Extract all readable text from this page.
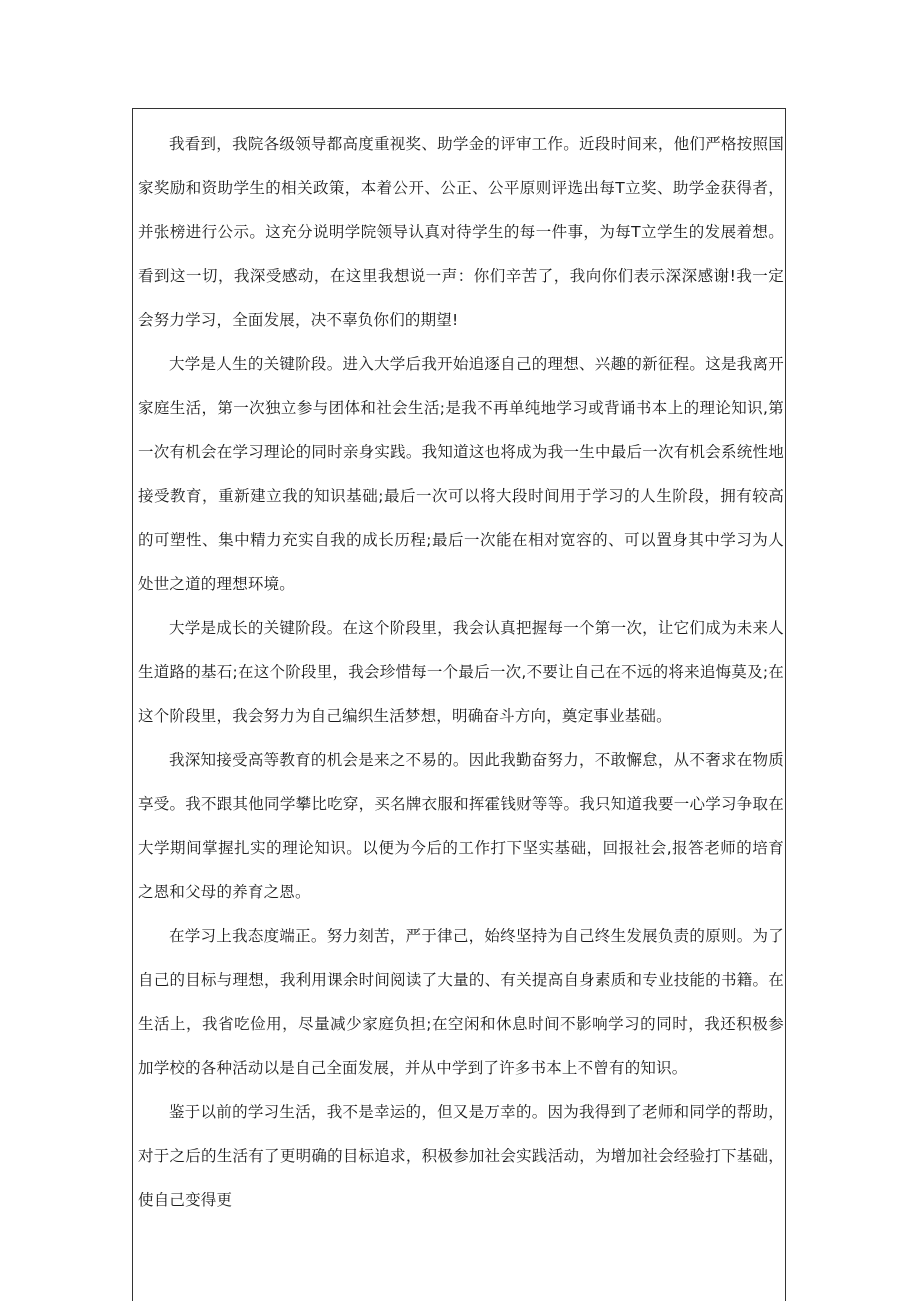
我看到，我院各级领导都高度重视奖、助学金的评审工作。近段时间来，他们严格按照国家奖励和资助学生的相关政策，本着公开、公正、公平原则评选出每T立奖、助学金获得者，并张榜进行公示。这充分说明学院领导认真对待学生的每一件事，为每T立学生的发展着想。看到这一切，我深受感动，在这里我想说一声：你们辛苦了，我向你们表示深深感谢!我一定会努力学习，全面发展，决不辜负你们的期望!

大学是人生的关键阶段。进入大学后我开始追逐自己的理想、兴趣的新征程。这是我离开家庭生活，第一次独立参与团体和社会生活;是我不再单纯地学习或背诵书本上的理论知识,第一次有机会在学习理论的同时亲身实践。我知道这也将成为我一生中最后一次有机会系统性地接受教育，重新建立我的知识基础;最后一次可以将大段时间用于学习的人生阶段，拥有较高的可塑性、集中精力充实自我的成长历程;最后一次能在相对宽容的、可以置身其中学习为人处世之道的理想环境。

大学是成长的关键阶段。在这个阶段里，我会认真把握每一个第一次，让它们成为未来人生道路的基石;在这个阶段里，我会珍惜每一个最后一次,不要让自己在不远的将来追悔莫及;在这个阶段里，我会努力为自己编织生活梦想，明确奋斗方向，奠定事业基础。

我深知接受高等教育的机会是来之不易的。因此我勤奋努力，不敢懈怠，从不奢求在物质享受。我不跟其他同学攀比吃穿，买名牌衣服和挥霍钱财等等。我只知道我要一心学习争取在大学期间掌握扎实的理论知识。以便为今后的工作打下坚实基础，回报社会,报答老师的培育之恩和父母的养育之恩。

在学习上我态度端正。努力刻苦，严于律己，始终坚持为自己终生发展负责的原则。为了自己的目标与理想，我利用课余时间阅读了大量的、有关提高自身素质和专业技能的书籍。在生活上，我省吃俭用，尽量减少家庭负担;在空闲和休息时间不影响学习的同时，我还积极参加学校的各种活动以是自己全面发展，并从中学到了许多书本上不曾有的知识。

鉴于以前的学习生活，我不是幸运的，但又是万幸的。因为我得到了老师和同学的帮助，对于之后的生活有了更明确的目标追求，积极参加社会实践活动，为增加社会经验打下基础，使自己变得更
